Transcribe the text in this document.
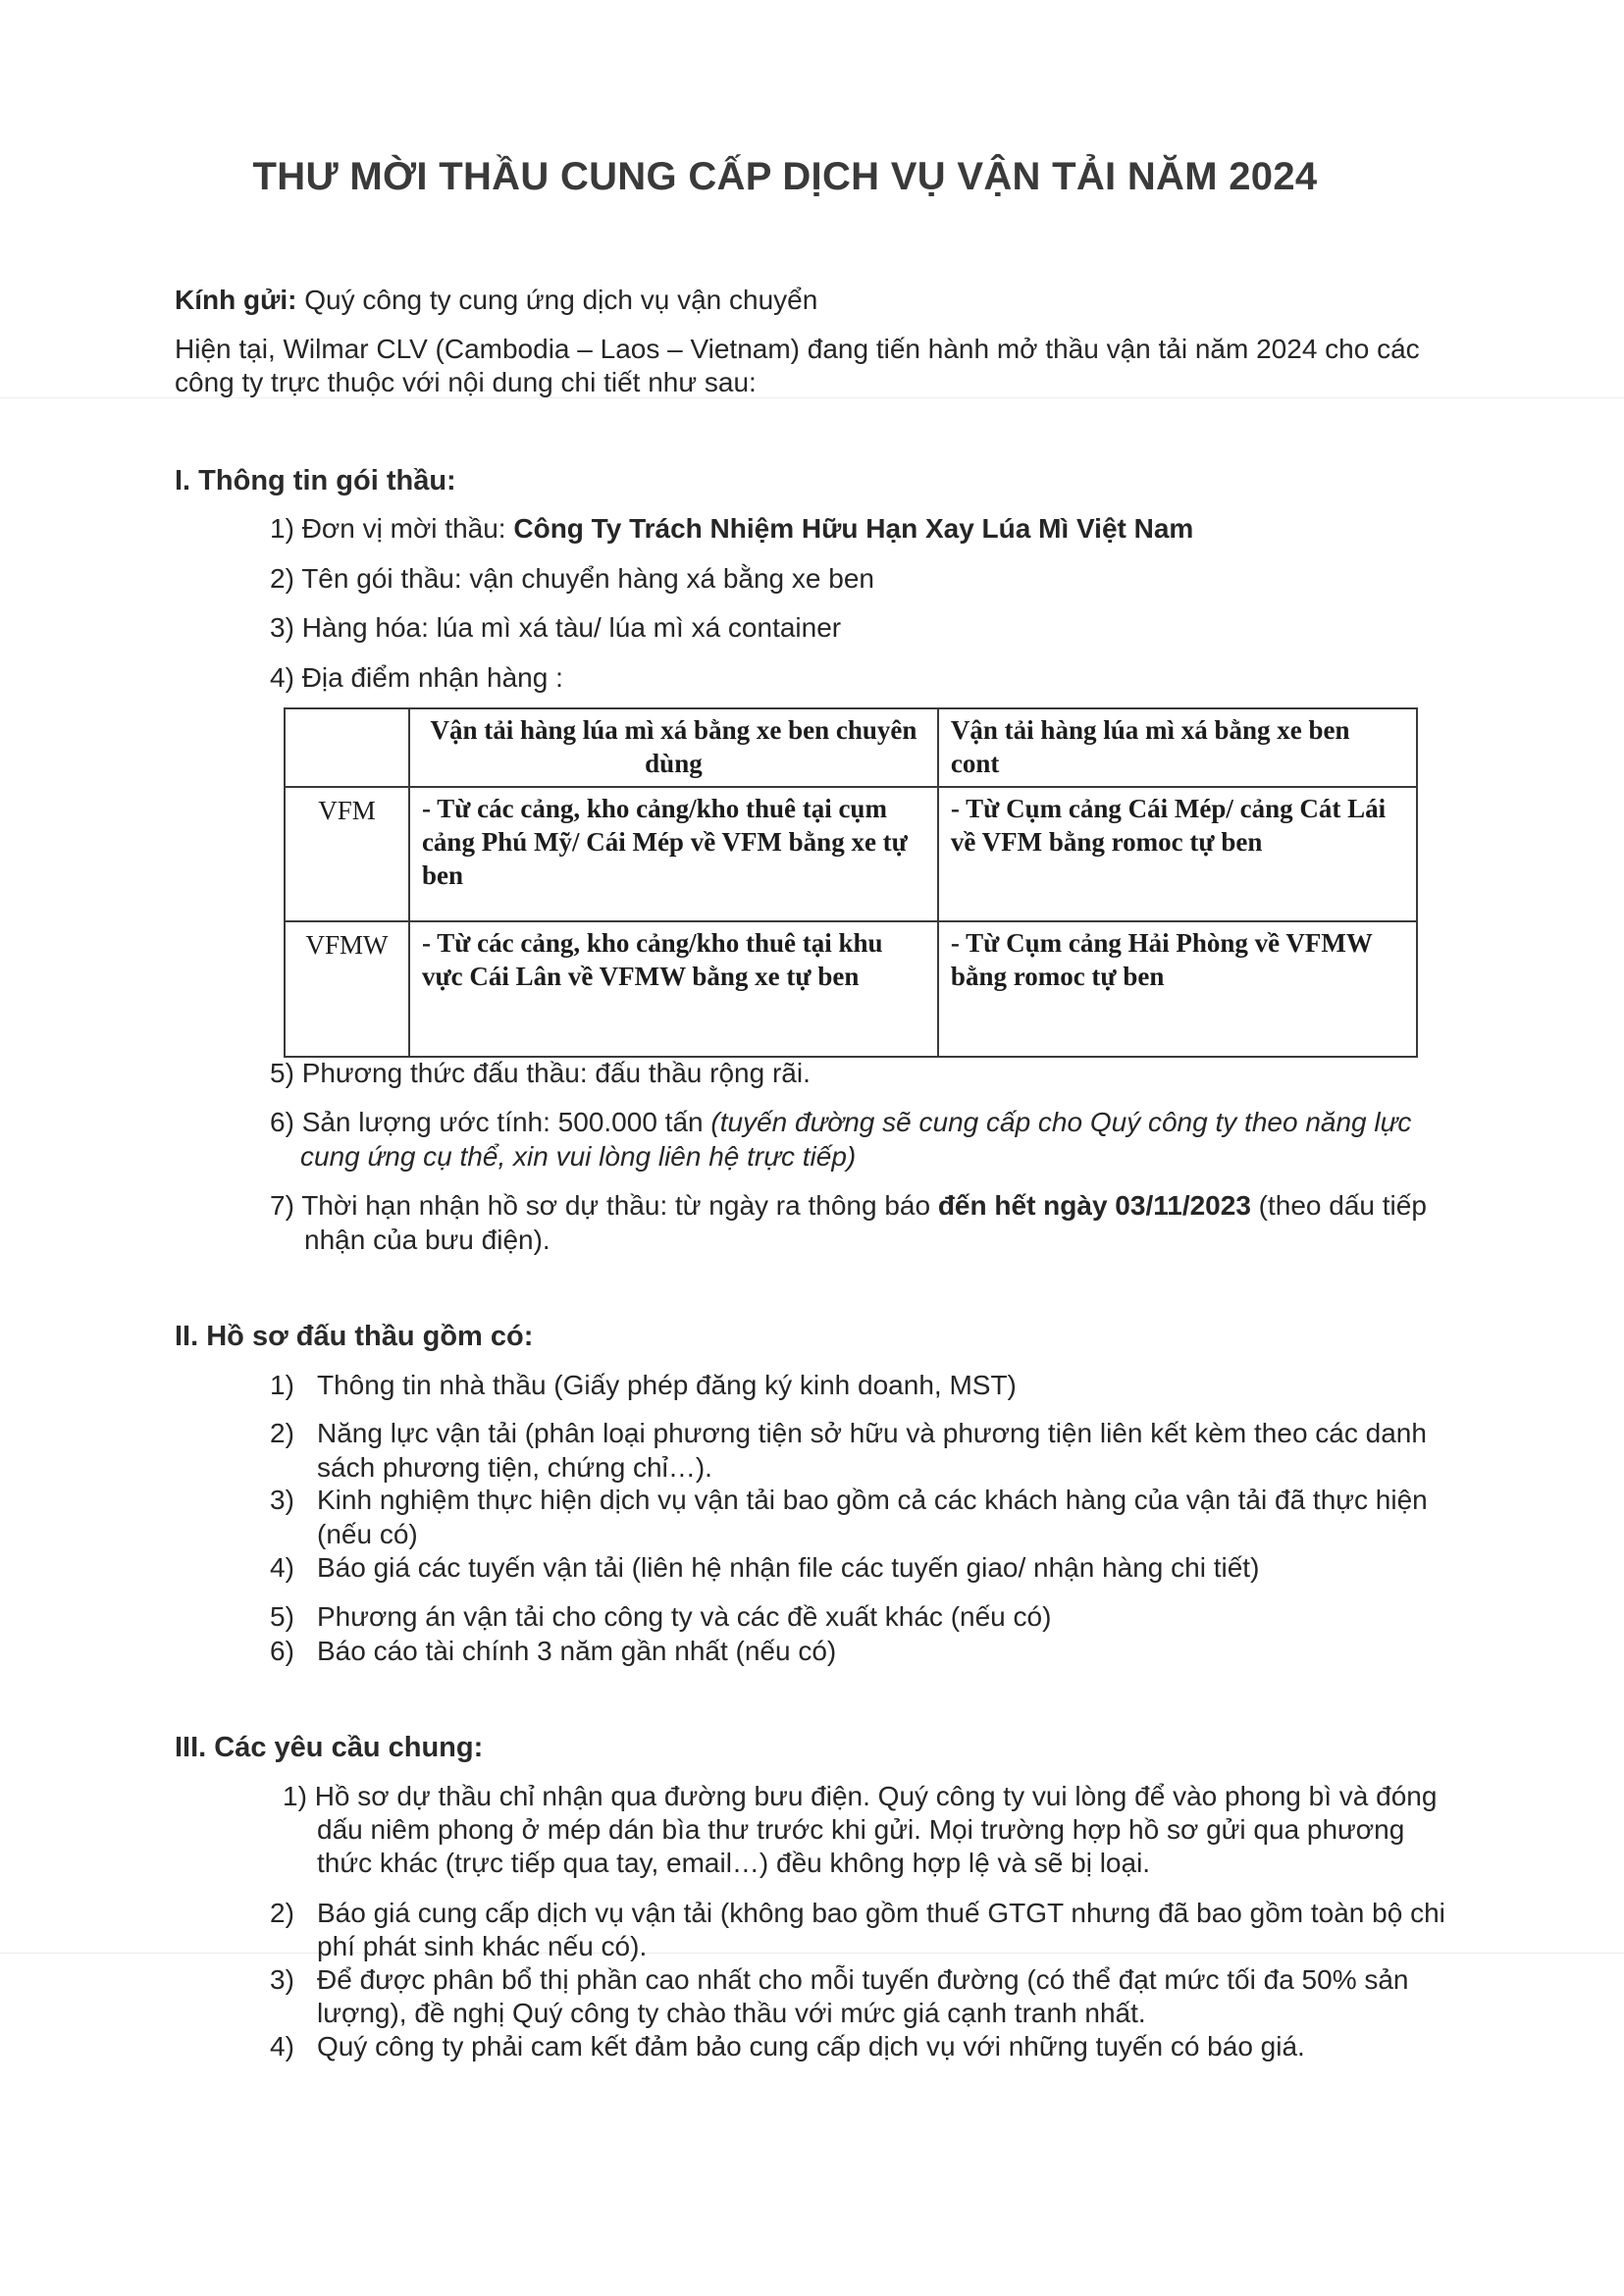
THƯ MỜI THẦU CUNG CẤP DỊCH VỤ VẬN TẢI NĂM 2024
Kính gửi: Quý công ty cung ứng dịch vụ vận chuyển
Hiện tại, Wilmar CLV (Cambodia – Laos – Vietnam) đang tiến hành mở thầu vận tải năm 2024 cho các
công ty trực thuộc với nội dung chi tiết như sau:
I. Thông tin gói thầu:
1) Đơn vị mời thầu: Công Ty Trách Nhiệm Hữu Hạn Xay Lúa Mì Việt Nam
2) Tên gói thầu: vận chuyển hàng xá bằng xe ben
3) Hàng hóa: lúa mì xá tàu/ lúa mì xá container
4) Địa điểm nhận hàng :
	Vận tải hàng lúa mì xá bằng xe ben chuyên dùng	Vận tải hàng lúa mì xá bằng xe ben cont
VFM	- Từ các cảng, kho cảng/kho thuê tại cụm cảng Phú Mỹ/ Cái Mép về VFM bằng xe tự ben	- Từ Cụm cảng Cái Mép/ cảng Cát Lái về VFM bằng romoc tự ben
VFMW	- Từ các cảng, kho cảng/kho thuê tại khu vực Cái Lân về VFMW bằng xe tự ben	- Từ Cụm cảng Hải Phòng về VFMW bằng romoc tự ben
5) Phương thức đấu thầu: đấu thầu rộng rãi.
6) Sản lượng ước tính: 500.000 tấn (tuyến đường sẽ cung cấp cho Quý công ty theo năng lực
cung ứng cụ thể, xin vui lòng liên hệ trực tiếp)
7) Thời hạn nhận hồ sơ dự thầu: từ ngày ra thông báo đến hết ngày 03/11/2023 (theo dấu tiếp
nhận của bưu điện).
II. Hồ sơ đấu thầu gồm có:
1) Thông tin nhà thầu (Giấy phép đăng ký kinh doanh, MST)
2) Năng lực vận tải (phân loại phương tiện sở hữu và phương tiện liên kết kèm theo các danh
sách phương tiện, chứng chỉ…).
3) Kinh nghiệm thực hiện dịch vụ vận tải bao gồm cả các khách hàng của vận tải đã thực hiện
(nếu có)
4) Báo giá các tuyến vận tải (liên hệ nhận file các tuyến giao/ nhận hàng chi tiết)
5) Phương án vận tải cho công ty và các đề xuất khác (nếu có)
6) Báo cáo tài chính 3 năm gần nhất (nếu có)
III. Các yêu cầu chung:
1) Hồ sơ dự thầu chỉ nhận qua đường bưu điện. Quý công ty vui lòng để vào phong bì và đóng
dấu niêm phong ở mép dán bìa thư trước khi gửi. Mọi trường hợp hồ sơ gửi qua phương
thức khác (trực tiếp qua tay, email…) đều không hợp lệ và sẽ bị loại.
2) Báo giá cung cấp dịch vụ vận tải (không bao gồm thuế GTGT nhưng đã bao gồm toàn bộ chi
phí phát sinh khác nếu có).
3) Để được phân bổ thị phần cao nhất cho mỗi tuyến đường (có thể đạt mức tối đa 50% sản
lượng), đề nghị Quý công ty chào thầu với mức giá cạnh tranh nhất.
4) Quý công ty phải cam kết đảm bảo cung cấp dịch vụ với những tuyến có báo giá.
